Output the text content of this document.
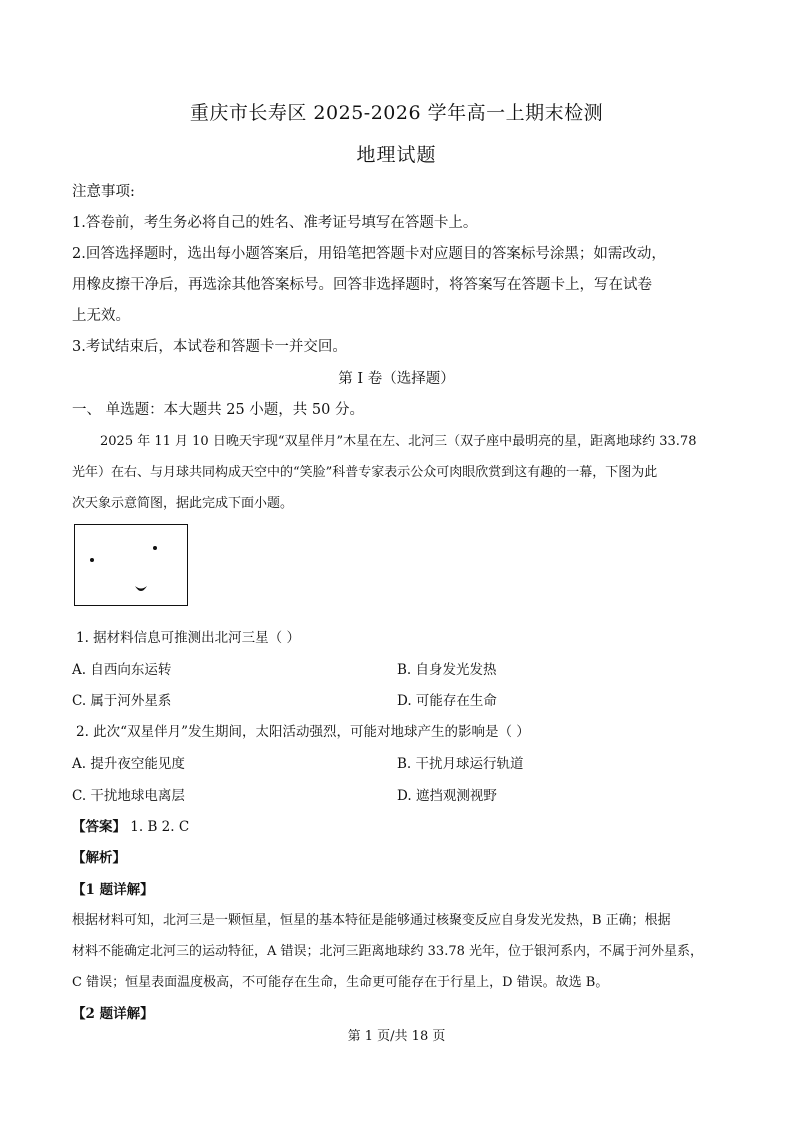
重庆市长寿区 2025-2026 学年高一上期末检测
地理试题
注意事项:
1.答卷前，考生务必将自己的姓名、准考证号填写在答题卡上。
2.回答选择题时，选出每小题答案后，用铅笔把答题卡对应题目的答案标号涂黑；如需改动，
用橡皮擦干净后，再选涂其他答案标号。回答非选择题时，将答案写在答题卡上，写在试卷
上无效。
3.考试结束后，本试卷和答题卡一并交回。
第 I 卷（选择题）
一、 单选题：本大题共 25 小题，共 50 分。
2025 年 11 月 10 日晚天宇现“双星伴月”木星在左、北河三（双子座中最明亮的星，距离地球约 33.78
光年）在右、与月球共同构成天空中的“笑脸”科普专家表示公众可肉眼欣赏到这有趣的一幕，下图为此
次天象示意简图，据此完成下面小题。
1. 据材料信息可推测出北河三星（ ）
A. 自西向东运转	B. 自身发光发热
C. 属于河外星系	D. 可能存在生命
2. 此次“双星伴月”发生期间，太阳活动强烈，可能对地球产生的影响是（ ）
A. 提升夜空能见度	B. 干扰月球运行轨道
C. 干扰地球电离层	D. 遮挡观测视野
【答案】 1. B 2. C
【解析】
【1 题详解】
根据材料可知，北河三是一颗恒星，恒星的基本特征是能够通过核聚变反应自身发光发热，B 正确；根据
材料不能确定北河三的运动特征，A 错误；北河三距离地球约 33.78 光年，位于银河系内，不属于河外星系，
C 错误；恒星表面温度极高，不可能存在生命，生命更可能存在于行星上，D 错误。故选 B。
【2 题详解】
第 1 页/共 18 页
